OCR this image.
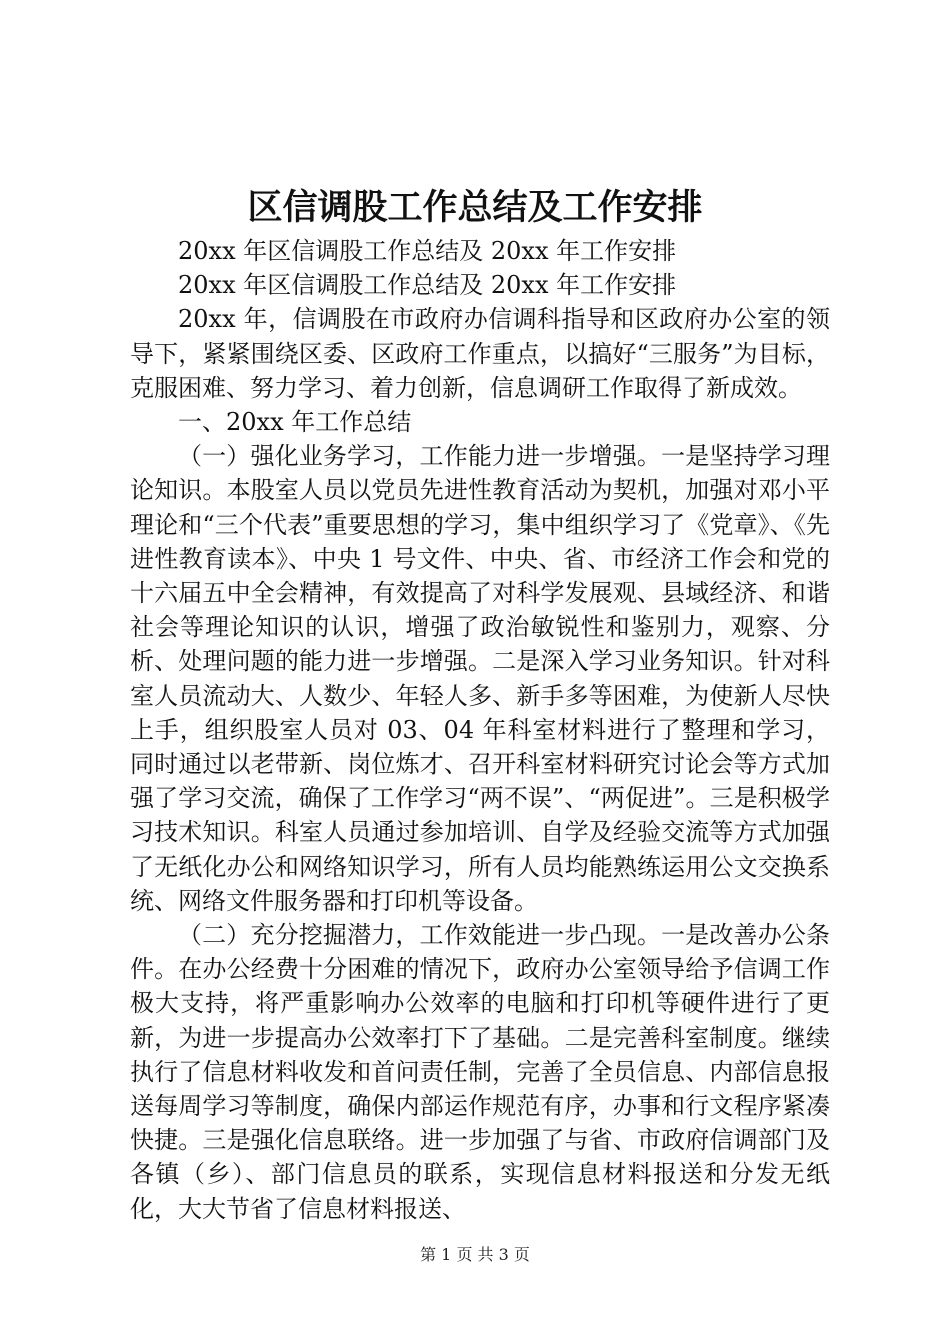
区信调股工作总结及工作安排

20xx 年区信调股工作总结及 20xx 年工作安排

20xx 年区信调股工作总结及 20xx 年工作安排

20xx 年，信调股在市政府办信调科指导和区政府办公室的领导下，紧紧围绕区委、区政府工作重点，以搞好“三服务”为目标，克服困难、努力学习、着力创新，信息调研工作取得了新成效。

一、20xx 年工作总结

（一）强化业务学习，工作能力进一步增强。一是坚持学习理论知识。本股室人员以党员先进性教育活动为契机，加强对邓小平理论和“三个代表”重要思想的学习，集中组织学习了《党章》、《先进性教育读本》、中央 1 号文件、中央、省、市经济工作会和党的十六届五中全会精神，有效提高了对科学发展观、县域经济、和谐社会等理论知识的认识，增强了政治敏锐性和鉴别力，观察、分析、处理问题的能力进一步增强。二是深入学习业务知识。针对科室人员流动大、人数少、年轻人多、新手多等困难，为使新人尽快上手，组织股室人员对 03、04 年科室材料进行了整理和学习，同时通过以老带新、岗位炼才、召开科室材料研究讨论会等方式加强了学习交流，确保了工作学习“两不误”、“两促进”。三是积极学习技术知识。科室人员通过参加培训、自学及经验交流等方式加强了无纸化办公和网络知识学习，所有人员均能熟练运用公文交换系统、网络文件服务器和打印机等设备。

（二）充分挖掘潜力，工作效能进一步凸现。一是改善办公条件。在办公经费十分困难的情况下，政府办公室领导给予信调工作极大支持，将严重影响办公效率的电脑和打印机等硬件进行了更新，为进一步提高办公效率打下了基础。二是完善科室制度。继续执行了信息材料收发和首问责任制，完善了全员信息、内部信息报送每周学习等制度，确保内部运作规范有序，办事和行文程序紧凑快捷。三是强化信息联络。进一步加强了与省、市政府信调部门及各镇（乡）、部门信息员的联系，实现信息材料报送和分发无纸化，大大节省了信息材料报送、

第 1 页 共 3 页
